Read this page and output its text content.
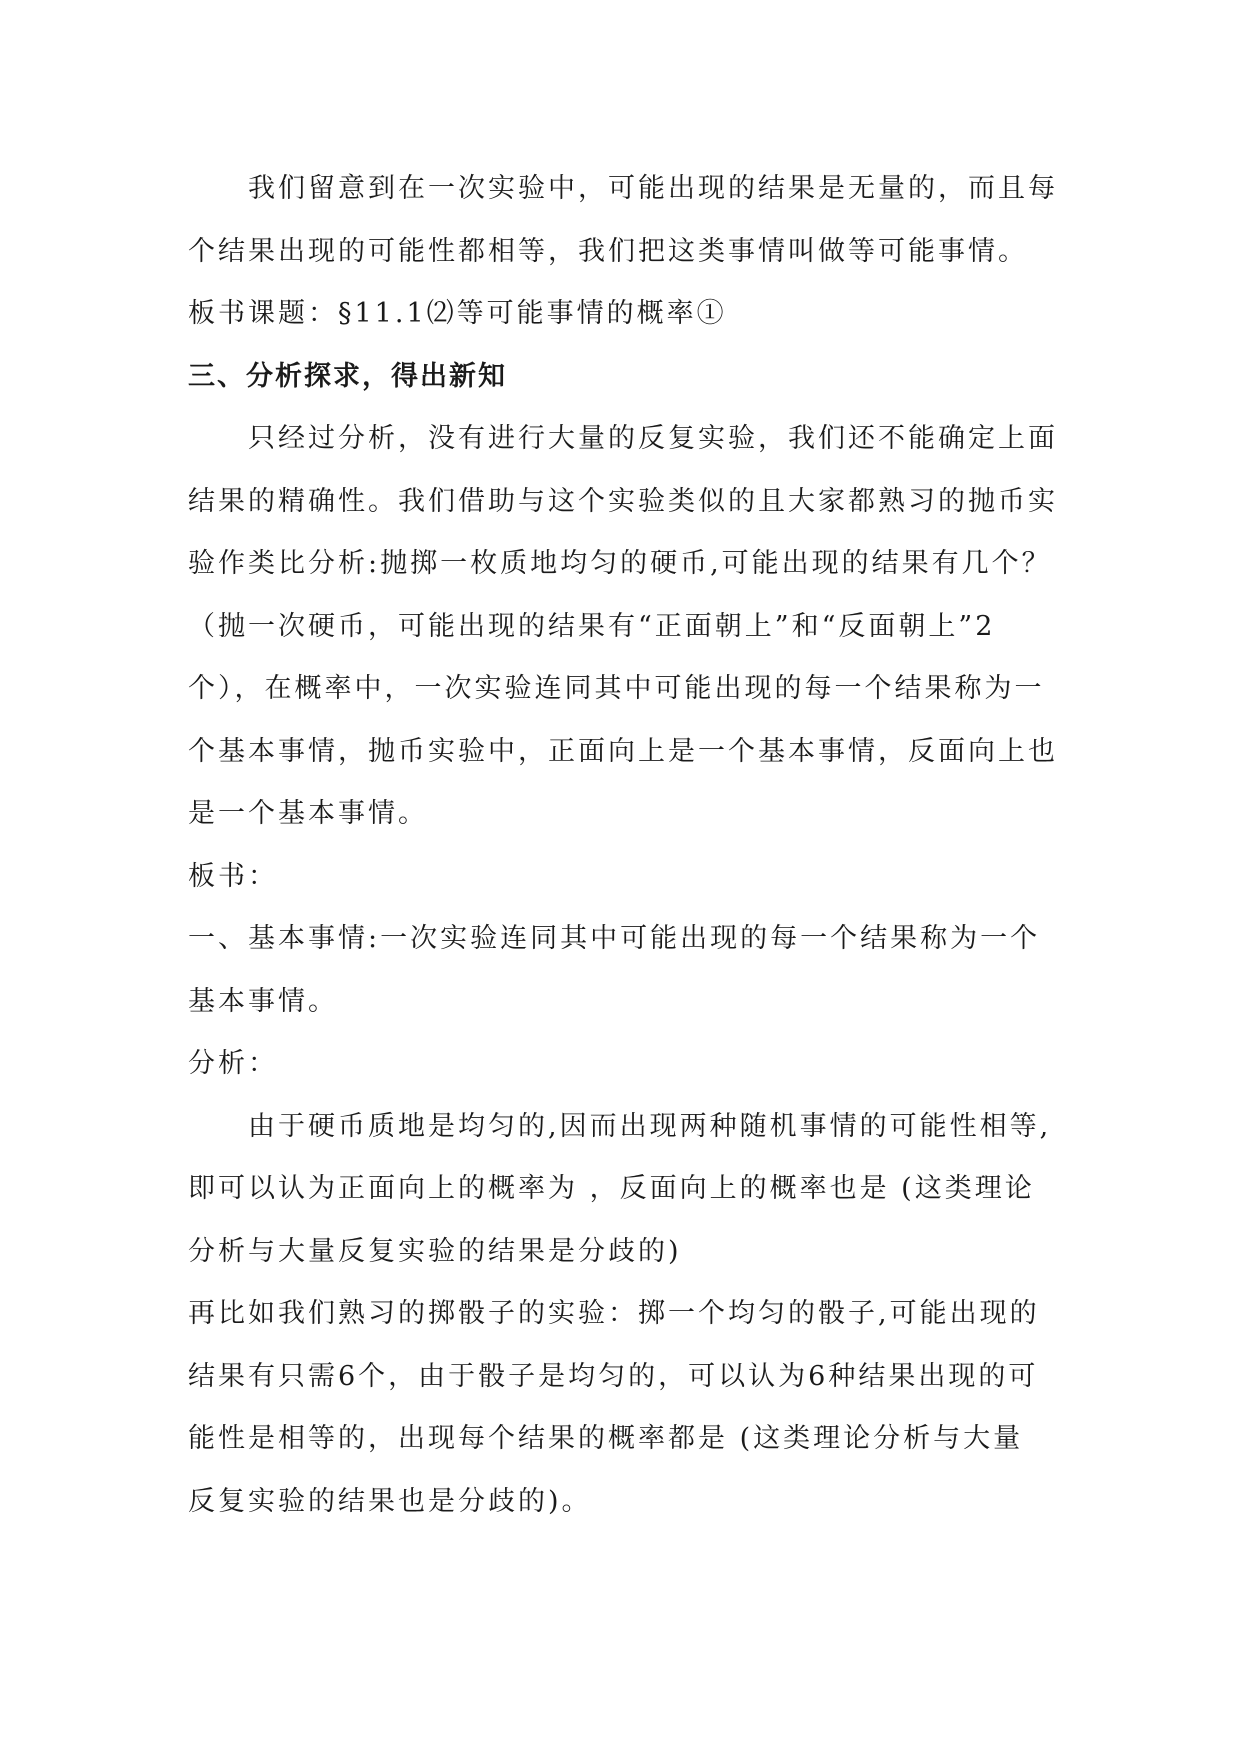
我们留意到在一次实验中，可能出现的结果是无量的，而且每
个结果出现的可能性都相等，我们把这类事情叫做等可能事情。
板书课题：§11.1⑵等可能事情的概率①
三、分析探求，得出新知
只经过分析，没有进行大量的反复实验，我们还不能确定上面
结果的精确性。我们借助与这个实验类似的且大家都熟习的抛币实
验作类比分析:抛掷一枚质地均匀的硬币,可能出现的结果有几个？
（抛一次硬币，可能出现的结果有“正面朝上”和“反面朝上”2
个），在概率中，一次实验连同其中可能出现的每一个结果称为一
个基本事情，抛币实验中，正面向上是一个基本事情，反面向上也
是一个基本事情。
板书：
一、基本事情:一次实验连同其中可能出现的每一个结果称为一个
基本事情。
分析：
由于硬币质地是均匀的,因而出现两种随机事情的可能性相等,
即可以认为正面向上的概率为 ，反面向上的概率也是 (这类理论
分析与大量反复实验的结果是分歧的)
再比如我们熟习的掷骰子的实验：掷一个均匀的骰子,可能出现的
结果有只需6个，由于骰子是均匀的，可以认为6种结果出现的可
能性是相等的，出现每个结果的概率都是 (这类理论分析与大量
反复实验的结果也是分歧的)。
